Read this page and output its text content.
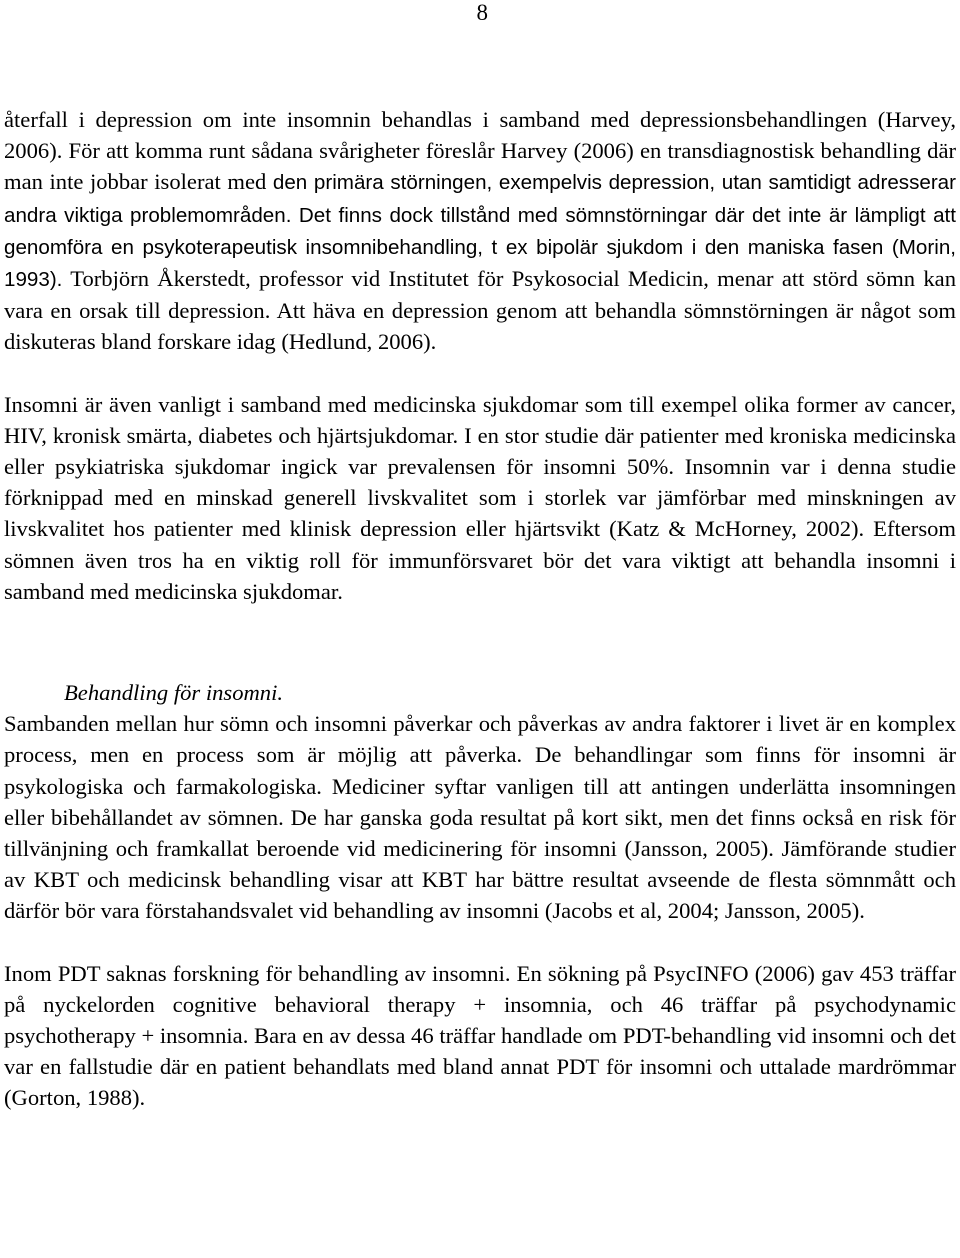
8

återfall i depression om inte insomnin behandlas i samband med depressionsbehandlingen (Harvey, 2006). För att komma runt sådana svårigheter föreslår Harvey (2006) en transdiagnostisk behandling där man inte jobbar isolerat med den primära störningen, exempelvis depression, utan samtidigt adresserar andra viktiga problemområden. Det finns dock tillstånd med sömnstörningar där det inte är lämpligt att genomföra en psykoterapeutisk insomnibehandling, t ex bipolär sjukdom i den maniska fasen (Morin, 1993). Torbjörn Åkerstedt, professor vid Institutet för Psykosocial Medicin, menar att störd sömn kan vara en orsak till depression. Att häva en depression genom att behandla sömnstörningen är något som diskuteras bland forskare idag (Hedlund, 2006).

Insomni är även vanligt i samband med medicinska sjukdomar som till exempel olika former av cancer, HIV, kronisk smärta, diabetes och hjärtsjukdomar. I en stor studie där patienter med kroniska medicinska eller psykiatriska sjukdomar ingick var prevalensen för insomni 50%. Insomnin var i denna studie förknippad med en minskad generell livskvalitet som i storlek var jämförbar med minskningen av livskvalitet hos patienter med klinisk depression eller hjärtsvikt (Katz & McHorney, 2002). Eftersom sömnen även tros ha en viktig roll för immunförsvaret bör det vara viktigt att behandla insomni i samband med medicinska sjukdomar.

Behandling för insomni.

Sambanden mellan hur sömn och insomni påverkar och påverkas av andra faktorer i livet är en komplex process, men en process som är möjlig att påverka. De behandlingar som finns för insomni är psykologiska och farmakologiska. Mediciner syftar vanligen till att antingen underlätta insomningen eller bibehållandet av sömnen. De har ganska goda resultat på kort sikt, men det finns också en risk för tillvänjning och framkallat beroende vid medicinering för insomni (Jansson, 2005). Jämförande studier av KBT och medicinsk behandling visar att KBT har bättre resultat avseende de flesta sömnmått och därför bör vara förstahandsvalet vid behandling av insomni (Jacobs et al, 2004; Jansson, 2005).

Inom PDT saknas forskning för behandling av insomni. En sökning på PsycINFO (2006) gav 453 träffar på nyckelorden cognitive behavioral therapy + insomnia, och 46 träffar på psychodynamic psychotherapy + insomnia. Bara en av dessa 46 träffar handlade om PDT-behandling vid insomni och det var en fallstudie där en patient behandlats med bland annat PDT för insomni och uttalade mardrömmar (Gorton, 1988).
